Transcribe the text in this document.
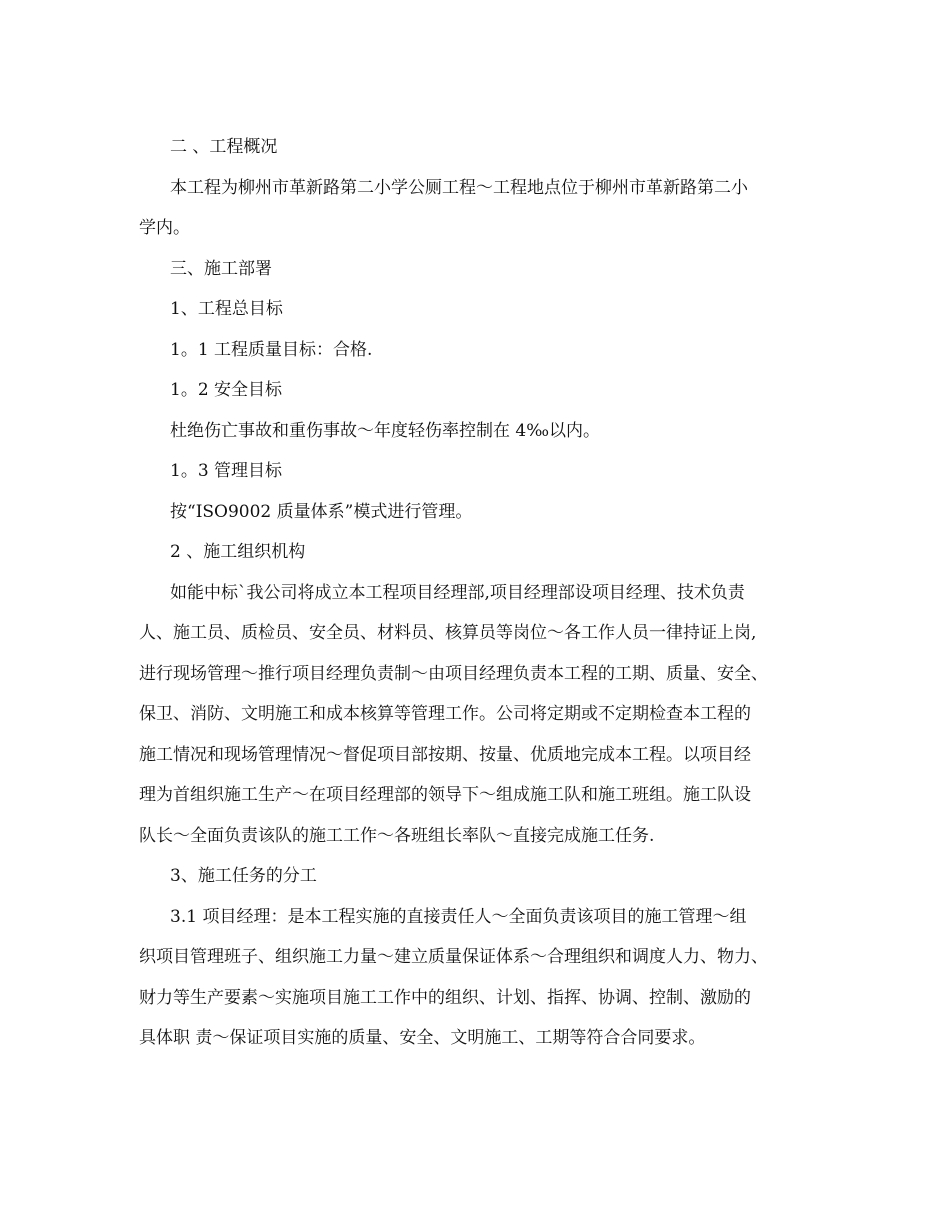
二 、工程概况
本工程为柳州市革新路第二小学公厕工程～工程地点位于柳州市革新路第二小
学内。
三、施工部署
1、工程总目标
1。1 工程质量目标：合格.
1。2 安全目标
杜绝伤亡事故和重伤事故～年度轻伤率控制在 4‰以内。
1。3 管理目标
按“ISO9002 质量体系”模式进行管理。
2 、施工组织机构
如能中标ˋ我公司将成立本工程项目经理部,项目经理部设项目经理、技术负责
人、施工员、质检员、安全员、材料员、核算员等岗位～各工作人员一律持证上岗,
进行现场管理～推行项目经理负责制～由项目经理负责本工程的工期、质量、安全、
保卫、消防、文明施工和成本核算等管理工作。公司将定期或不定期检查本工程的
施工情况和现场管理情况～督促项目部按期、按量、优质地完成本工程。以项目经
理为首组织施工生产～在项目经理部的领导下～组成施工队和施工班组。施工队设
队长～全面负责该队的施工工作～各班组长率队～直接完成施工任务.
3、施工任务的分工
3.1 项目经理：是本工程实施的直接责任人～全面负责该项目的施工管理～组
织项目管理班子、组织施工力量～建立质量保证体系～合理组织和调度人力、物力、
财力等生产要素～实施项目施工工作中的组织、计划、指挥、协调、控制、激励的
具体职 责～保证项目实施的质量、安全、文明施工、工期等符合合同要求。
